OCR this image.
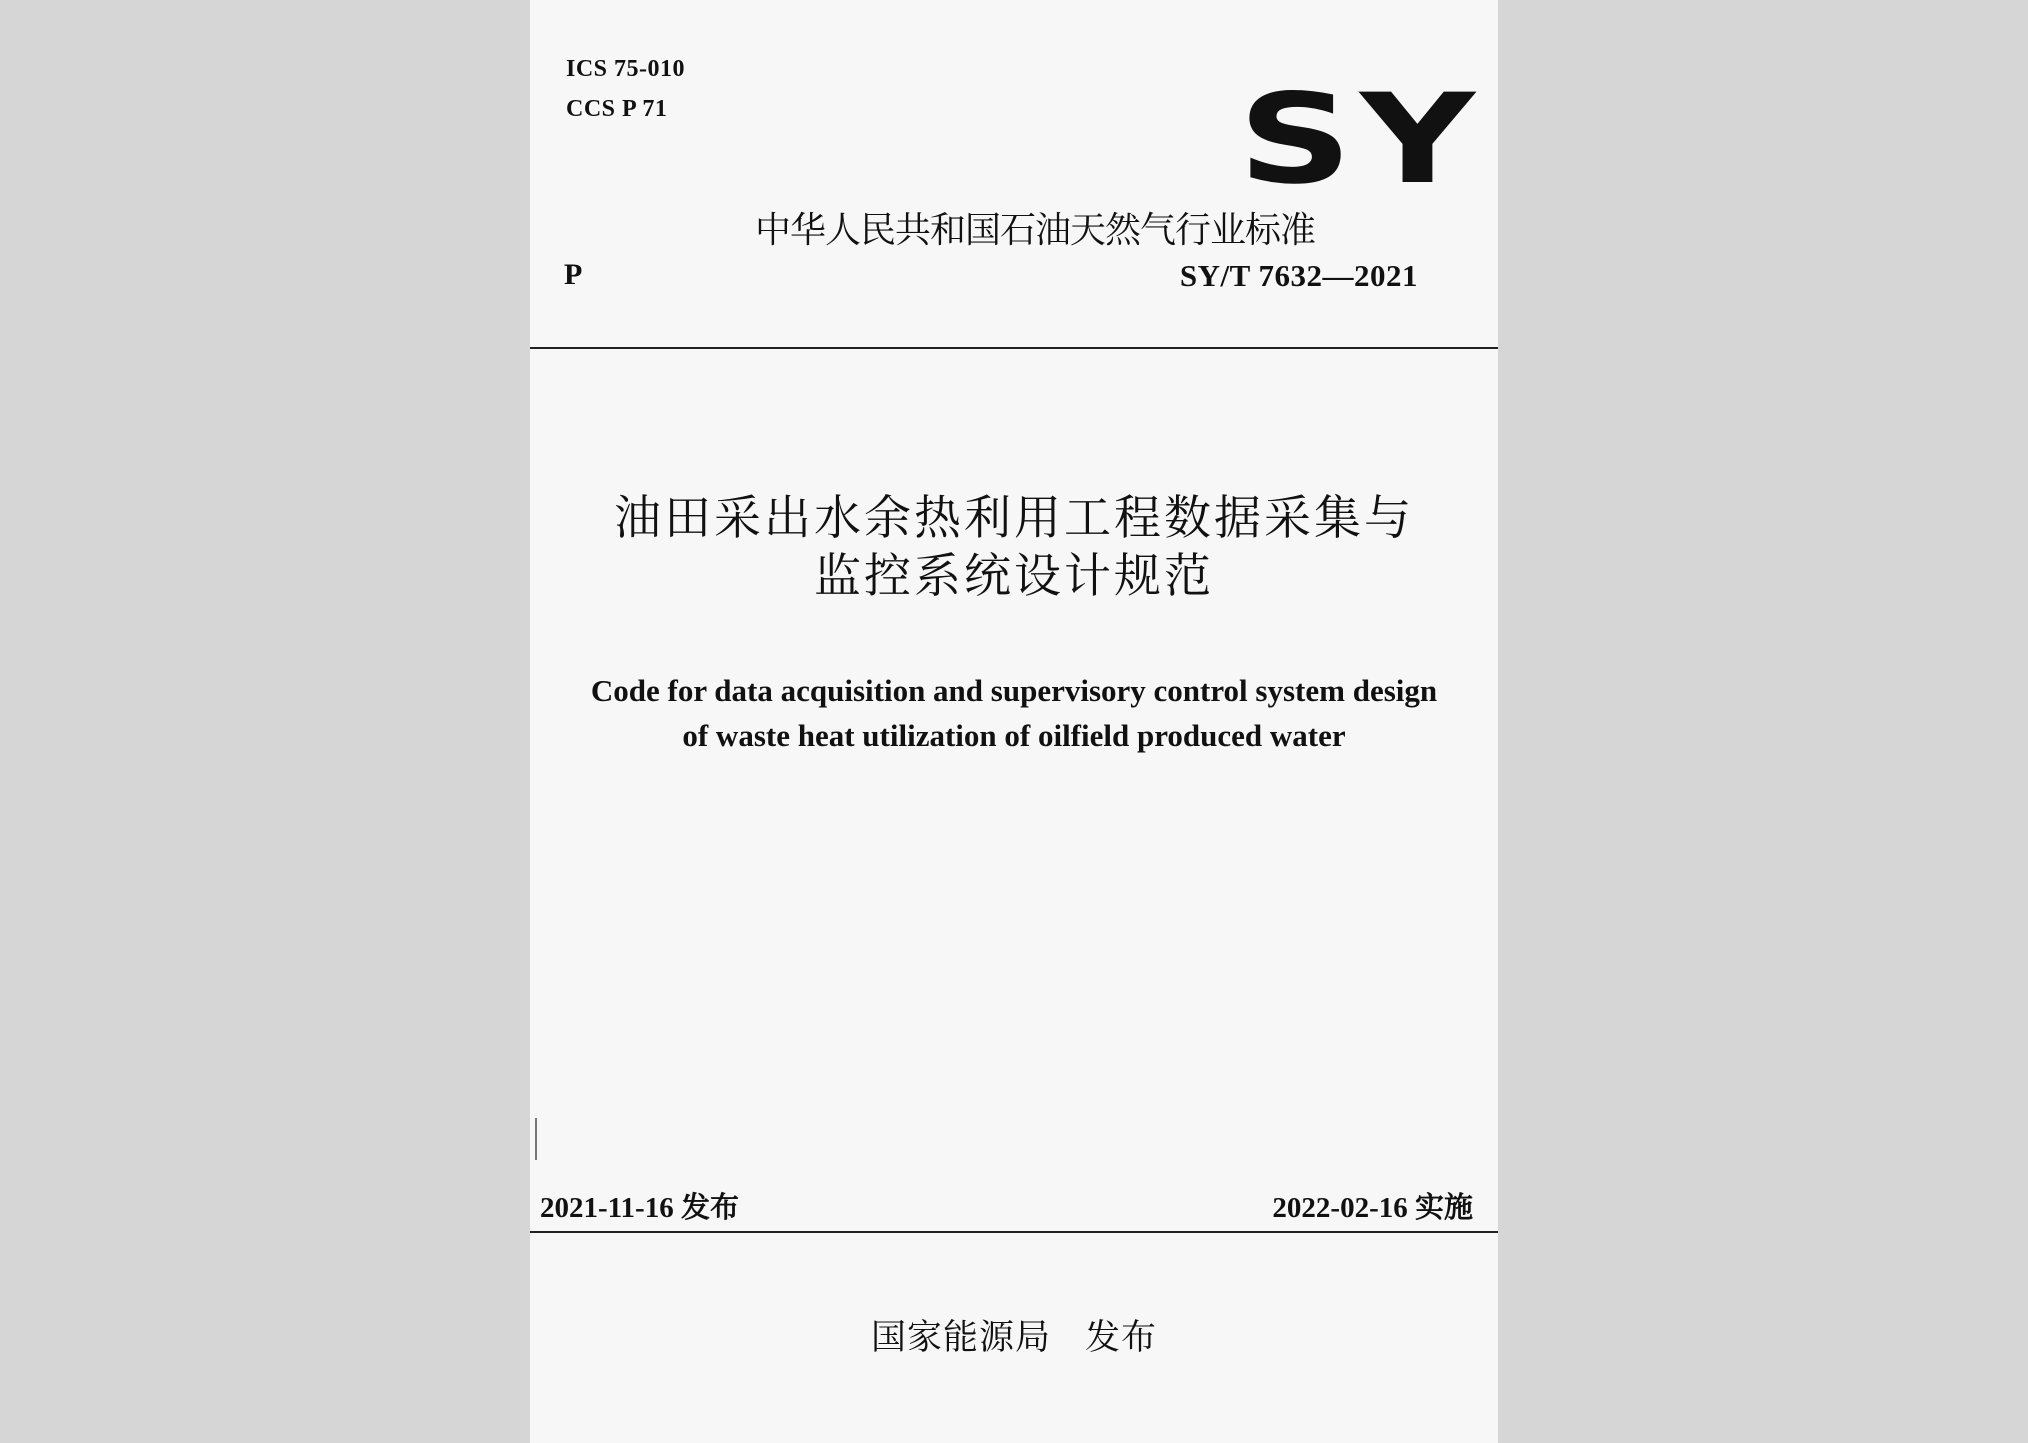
ICS 75-010
CCS P 71	SY
中华人民共和国石油天然气行业标准
P	SY/T 7632—2021
油田采出水余热利用工程数据采集与
监控系统设计规范
Code for data acquisition and supervisory control system design
of waste heat utilization of oilfield produced water
2021-11-16 发布	2022-02-16 实施
国家能源局 发布
